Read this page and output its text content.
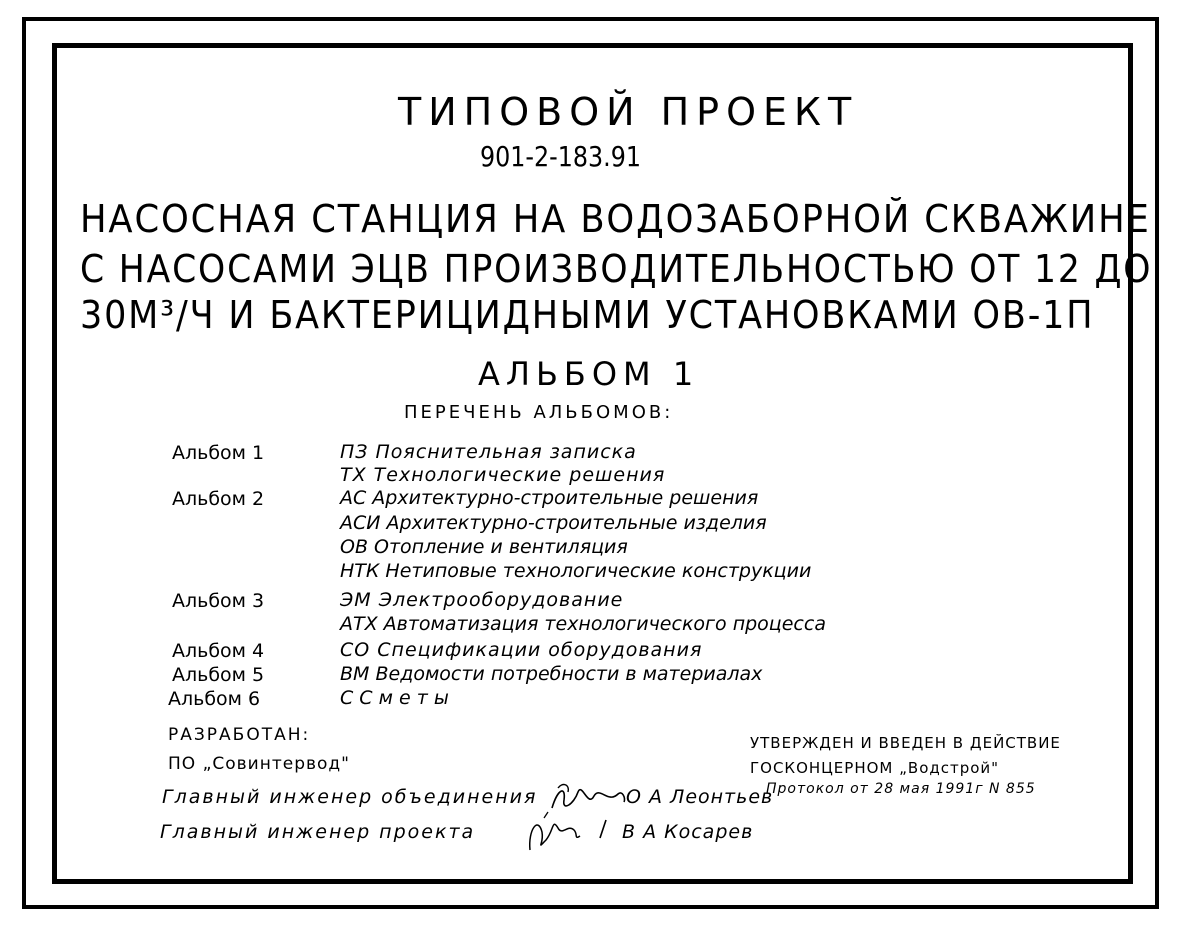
ТИПОВОЙ ПРОЕКТ
901-2-183.91
НАСОСНАЯ СТАНЦИЯ НА ВОДОЗАБОРНОЙ СКВАЖИНЕ
С НАСОСАМИ ЭЦВ ПРОИЗВОДИТЕЛЬНОСТЬЮ ОТ 12 ДО
30М³/Ч И БАКТЕРИЦИДНЫМИ УСТАНОВКАМИ ОВ-1П
АЛЬБОМ 1
ПЕРЕЧЕНЬ АЛЬБОМОВ:
Альбом 1	ПЗ Пояснительная записка
ТХ Технологические решения
Альбом 2	АС Архитектурно-строительные решения
АСИ Архитектурно-строительные изделия
ОВ Отопление и вентиляция
НТК Нетиповые технологические конструкции
Альбом 3	ЭМ Электрооборудование
АТХ Автоматизация технологического процесса
Альбом 4	СО Спецификации оборудования
Альбом 5	ВМ Ведомости потребности в материалах
Альбом 6	С С м е т ы
РАЗРАБОТАН:
ПО „Совинтервод"
Главный инженер объединения	О А Леонтьев
Главный инженер проекта	В А Косарев
УТВЕРЖДЕН И ВВЕДЕН В ДЕЙСТВИЕ
ГОСКОНЦЕРНОМ „Водстрой"
Протокол от 28 мая 1991г N 855
